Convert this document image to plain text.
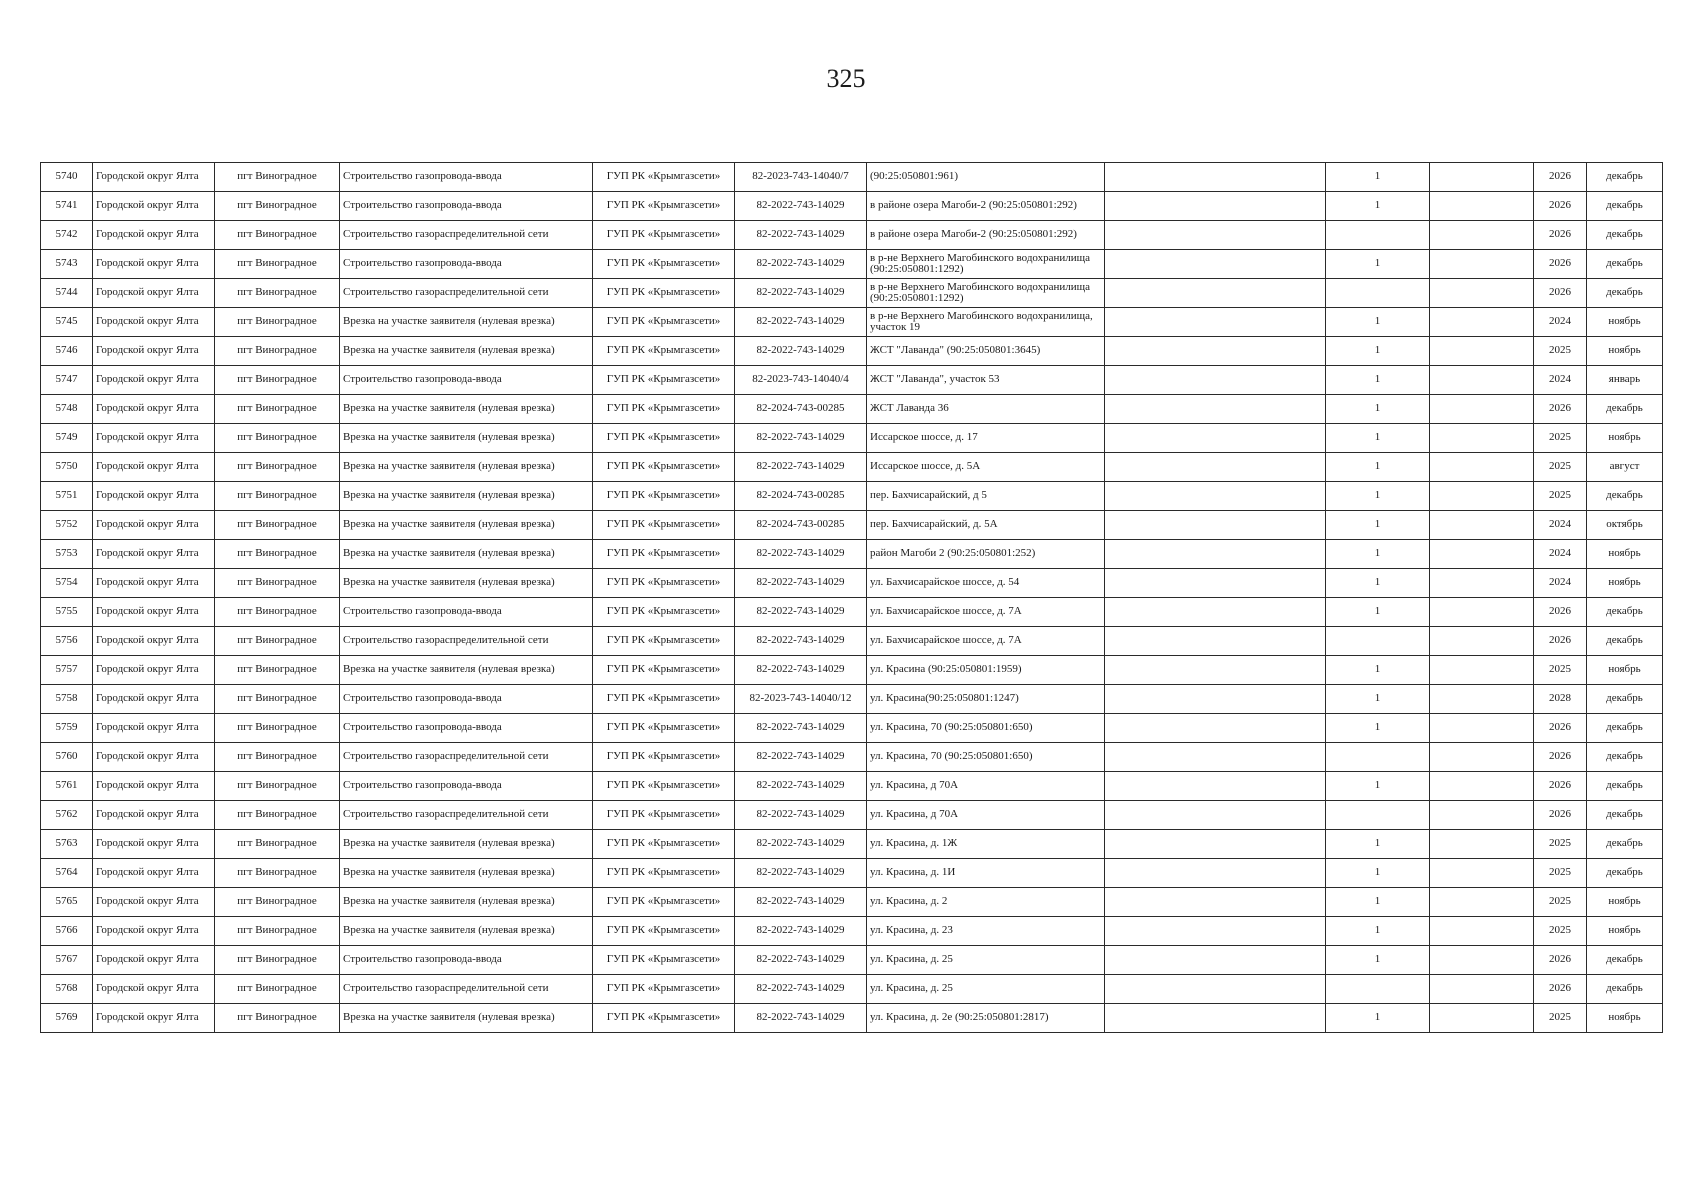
325
5740	Городской округ Ялта	пгт Виноградное	Строительство газопровода-ввода	ГУП РК «Крымгазсети»	82-2023-743-14040/7	(90:25:050801:961)		1		2026	декабрь
5741	Городской округ Ялта	пгт Виноградное	Строительство газопровода-ввода	ГУП РК «Крымгазсети»	82-2022-743-14029	в районе озера Магоби-2 (90:25:050801:292)		1		2026	декабрь
5742	Городской округ Ялта	пгт Виноградное	Строительство газораспределительной сети	ГУП РК «Крымгазсети»	82-2022-743-14029	в районе озера Магоби-2 (90:25:050801:292)				2026	декабрь
5743	Городской округ Ялта	пгт Виноградное	Строительство газопровода-ввода	ГУП РК «Крымгазсети»	82-2022-743-14029	в р-не Верхнего Магобинского водохранилища (90:25:050801:1292)		1		2026	декабрь
5744	Городской округ Ялта	пгт Виноградное	Строительство газораспределительной сети	ГУП РК «Крымгазсети»	82-2022-743-14029	в р-не Верхнего Магобинского водохранилища (90:25:050801:1292)				2026	декабрь
5745	Городской округ Ялта	пгт Виноградное	Врезка на участке заявителя (нулевая врезка)	ГУП РК «Крымгазсети»	82-2022-743-14029	в р-не Верхнего Магобинского водохранилища, участок 19		1		2024	ноябрь
5746	Городской округ Ялта	пгт Виноградное	Врезка на участке заявителя (нулевая врезка)	ГУП РК «Крымгазсети»	82-2022-743-14029	ЖСТ "Лаванда" (90:25:050801:3645)		1		2025	ноябрь
5747	Городской округ Ялта	пгт Виноградное	Строительство газопровода-ввода	ГУП РК «Крымгазсети»	82-2023-743-14040/4	ЖСТ "Лаванда", участок 53		1		2024	январь
5748	Городской округ Ялта	пгт Виноградное	Врезка на участке заявителя (нулевая врезка)	ГУП РК «Крымгазсети»	82-2024-743-00285	ЖСТ Лаванда 36		1		2026	декабрь
5749	Городской округ Ялта	пгт Виноградное	Врезка на участке заявителя (нулевая врезка)	ГУП РК «Крымгазсети»	82-2022-743-14029	Иссарское шоссе, д. 17		1		2025	ноябрь
5750	Городской округ Ялта	пгт Виноградное	Врезка на участке заявителя (нулевая врезка)	ГУП РК «Крымгазсети»	82-2022-743-14029	Иссарское шоссе, д. 5А		1		2025	август
5751	Городской округ Ялта	пгт Виноградное	Врезка на участке заявителя (нулевая врезка)	ГУП РК «Крымгазсети»	82-2024-743-00285	пер. Бахчисарайский, д 5		1		2025	декабрь
5752	Городской округ Ялта	пгт Виноградное	Врезка на участке заявителя (нулевая врезка)	ГУП РК «Крымгазсети»	82-2024-743-00285	пер. Бахчисарайский, д. 5А		1		2024	октябрь
5753	Городской округ Ялта	пгт Виноградное	Врезка на участке заявителя (нулевая врезка)	ГУП РК «Крымгазсети»	82-2022-743-14029	район Магоби 2 (90:25:050801:252)		1		2024	ноябрь
5754	Городской округ Ялта	пгт Виноградное	Врезка на участке заявителя (нулевая врезка)	ГУП РК «Крымгазсети»	82-2022-743-14029	ул. Бахчисарайское шоссе, д. 54		1		2024	ноябрь
5755	Городской округ Ялта	пгт Виноградное	Строительство газопровода-ввода	ГУП РК «Крымгазсети»	82-2022-743-14029	ул. Бахчисарайское шоссе, д. 7А		1		2026	декабрь
5756	Городской округ Ялта	пгт Виноградное	Строительство газораспределительной сети	ГУП РК «Крымгазсети»	82-2022-743-14029	ул. Бахчисарайское шоссе, д. 7А				2026	декабрь
5757	Городской округ Ялта	пгт Виноградное	Врезка на участке заявителя (нулевая врезка)	ГУП РК «Крымгазсети»	82-2022-743-14029	ул. Красина (90:25:050801:1959)		1		2025	ноябрь
5758	Городской округ Ялта	пгт Виноградное	Строительство газопровода-ввода	ГУП РК «Крымгазсети»	82-2023-743-14040/12	ул. Красина(90:25:050801:1247)		1		2028	декабрь
5759	Городской округ Ялта	пгт Виноградное	Строительство газопровода-ввода	ГУП РК «Крымгазсети»	82-2022-743-14029	ул. Красина, 70 (90:25:050801:650)		1		2026	декабрь
5760	Городской округ Ялта	пгт Виноградное	Строительство газораспределительной сети	ГУП РК «Крымгазсети»	82-2022-743-14029	ул. Красина, 70 (90:25:050801:650)				2026	декабрь
5761	Городской округ Ялта	пгт Виноградное	Строительство газопровода-ввода	ГУП РК «Крымгазсети»	82-2022-743-14029	ул. Красина, д 70А		1		2026	декабрь
5762	Городской округ Ялта	пгт Виноградное	Строительство газораспределительной сети	ГУП РК «Крымгазсети»	82-2022-743-14029	ул. Красина, д 70А				2026	декабрь
5763	Городской округ Ялта	пгт Виноградное	Врезка на участке заявителя (нулевая врезка)	ГУП РК «Крымгазсети»	82-2022-743-14029	ул. Красина, д. 1Ж		1		2025	декабрь
5764	Городской округ Ялта	пгт Виноградное	Врезка на участке заявителя (нулевая врезка)	ГУП РК «Крымгазсети»	82-2022-743-14029	ул. Красина, д. 1И		1		2025	декабрь
5765	Городской округ Ялта	пгт Виноградное	Врезка на участке заявителя (нулевая врезка)	ГУП РК «Крымгазсети»	82-2022-743-14029	ул. Красина, д. 2		1		2025	ноябрь
5766	Городской округ Ялта	пгт Виноградное	Врезка на участке заявителя (нулевая врезка)	ГУП РК «Крымгазсети»	82-2022-743-14029	ул. Красина, д. 23		1		2025	ноябрь
5767	Городской округ Ялта	пгт Виноградное	Строительство газопровода-ввода	ГУП РК «Крымгазсети»	82-2022-743-14029	ул. Красина, д. 25		1		2026	декабрь
5768	Городской округ Ялта	пгт Виноградное	Строительство газораспределительной сети	ГУП РК «Крымгазсети»	82-2022-743-14029	ул. Красина, д. 25				2026	декабрь
5769	Городской округ Ялта	пгт Виноградное	Врезка на участке заявителя (нулевая врезка)	ГУП РК «Крымгазсети»	82-2022-743-14029	ул. Красина, д. 2е (90:25:050801:2817)		1		2025	ноябрь
